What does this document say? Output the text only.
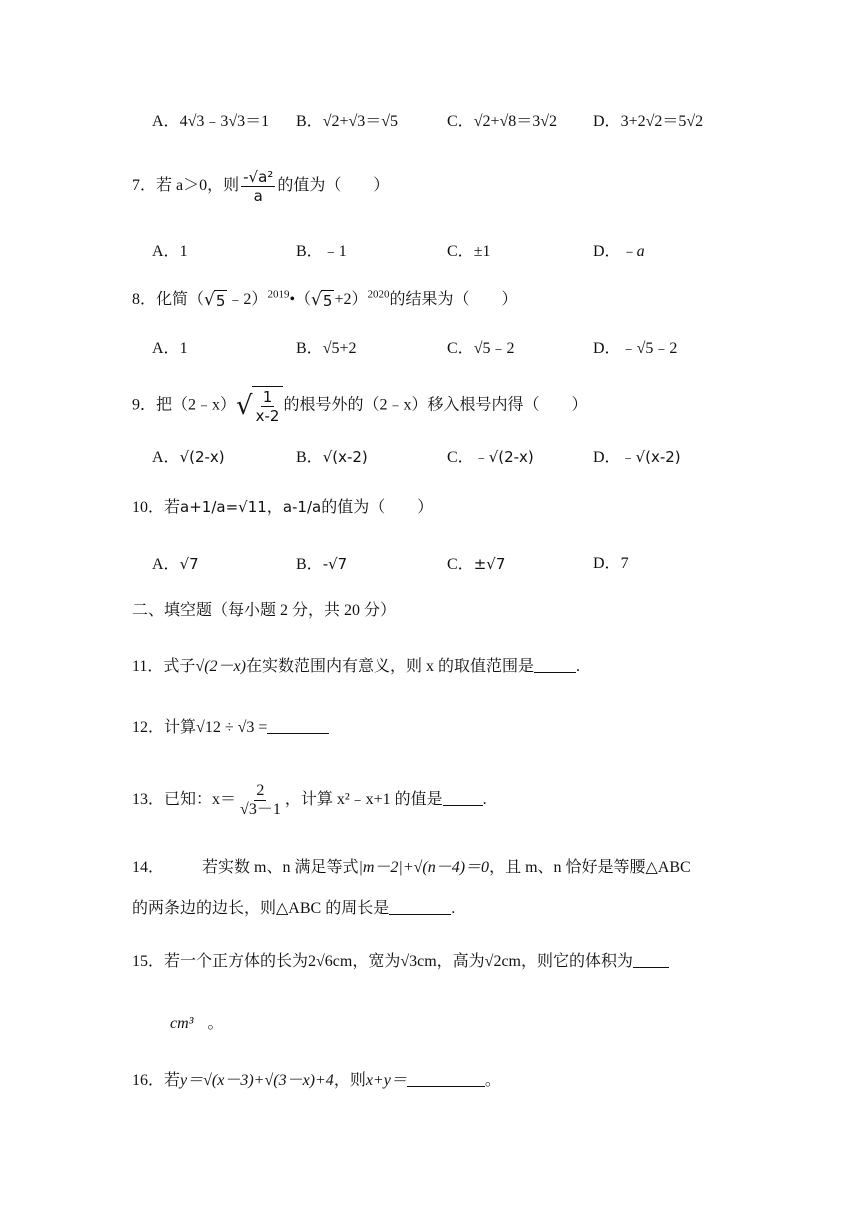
A．4√3﹣3√3＝1 B．√2+√3＝√5	C．√2+√8＝3√2 D．3+2√2＝5√2
7．若 a＞0，则 $\frac{\text{-√a²}}{a}$ 的值为（　　）
A．1	B．﹣1	C．±1	D．﹣a
8．化简（ √ 5 ﹣2）$^{2019}$•（ √ 5 +2）$^{2020}$的结果为（　　）
A．1	B．√5+2	C．√5﹣2	D．﹣√5﹣2
9．把（2﹣x） √ $\frac{1}{x-2}$ 的根号外的（2﹣x）移入根号内得（　　）
A．√(2-x)	B．√(x-2)	C．﹣√(2-x)	D．﹣√(x-2)
10．若a+1/a=√11，a-1/a的值为（　　）
A．√7	B．-√7	C．±√7	D．7
二、填空题（每小题 2 分，共 20 分）
11．式子√(2－x)在实数范围内有意义，则 x 的取值范围是	.
12．计算√12 ÷ √3 =
13．已知：$x= \frac{2}{√3-1}$ ，计算 x²﹣x+1 的值是	.
14． 若实数 m、n 满足等式|m－2|+√(n－4)＝0，且 m、n 恰好是等腰△ABC
的两条边的边长，则△ABC 的周长是	.
15．若一个正方体的长为2√6cm，宽为√3cm，高为√2cm，则它的体积为
cm³ 。
16．若y＝√(x－3)+√(3－x)+4，则x+y＝	。
